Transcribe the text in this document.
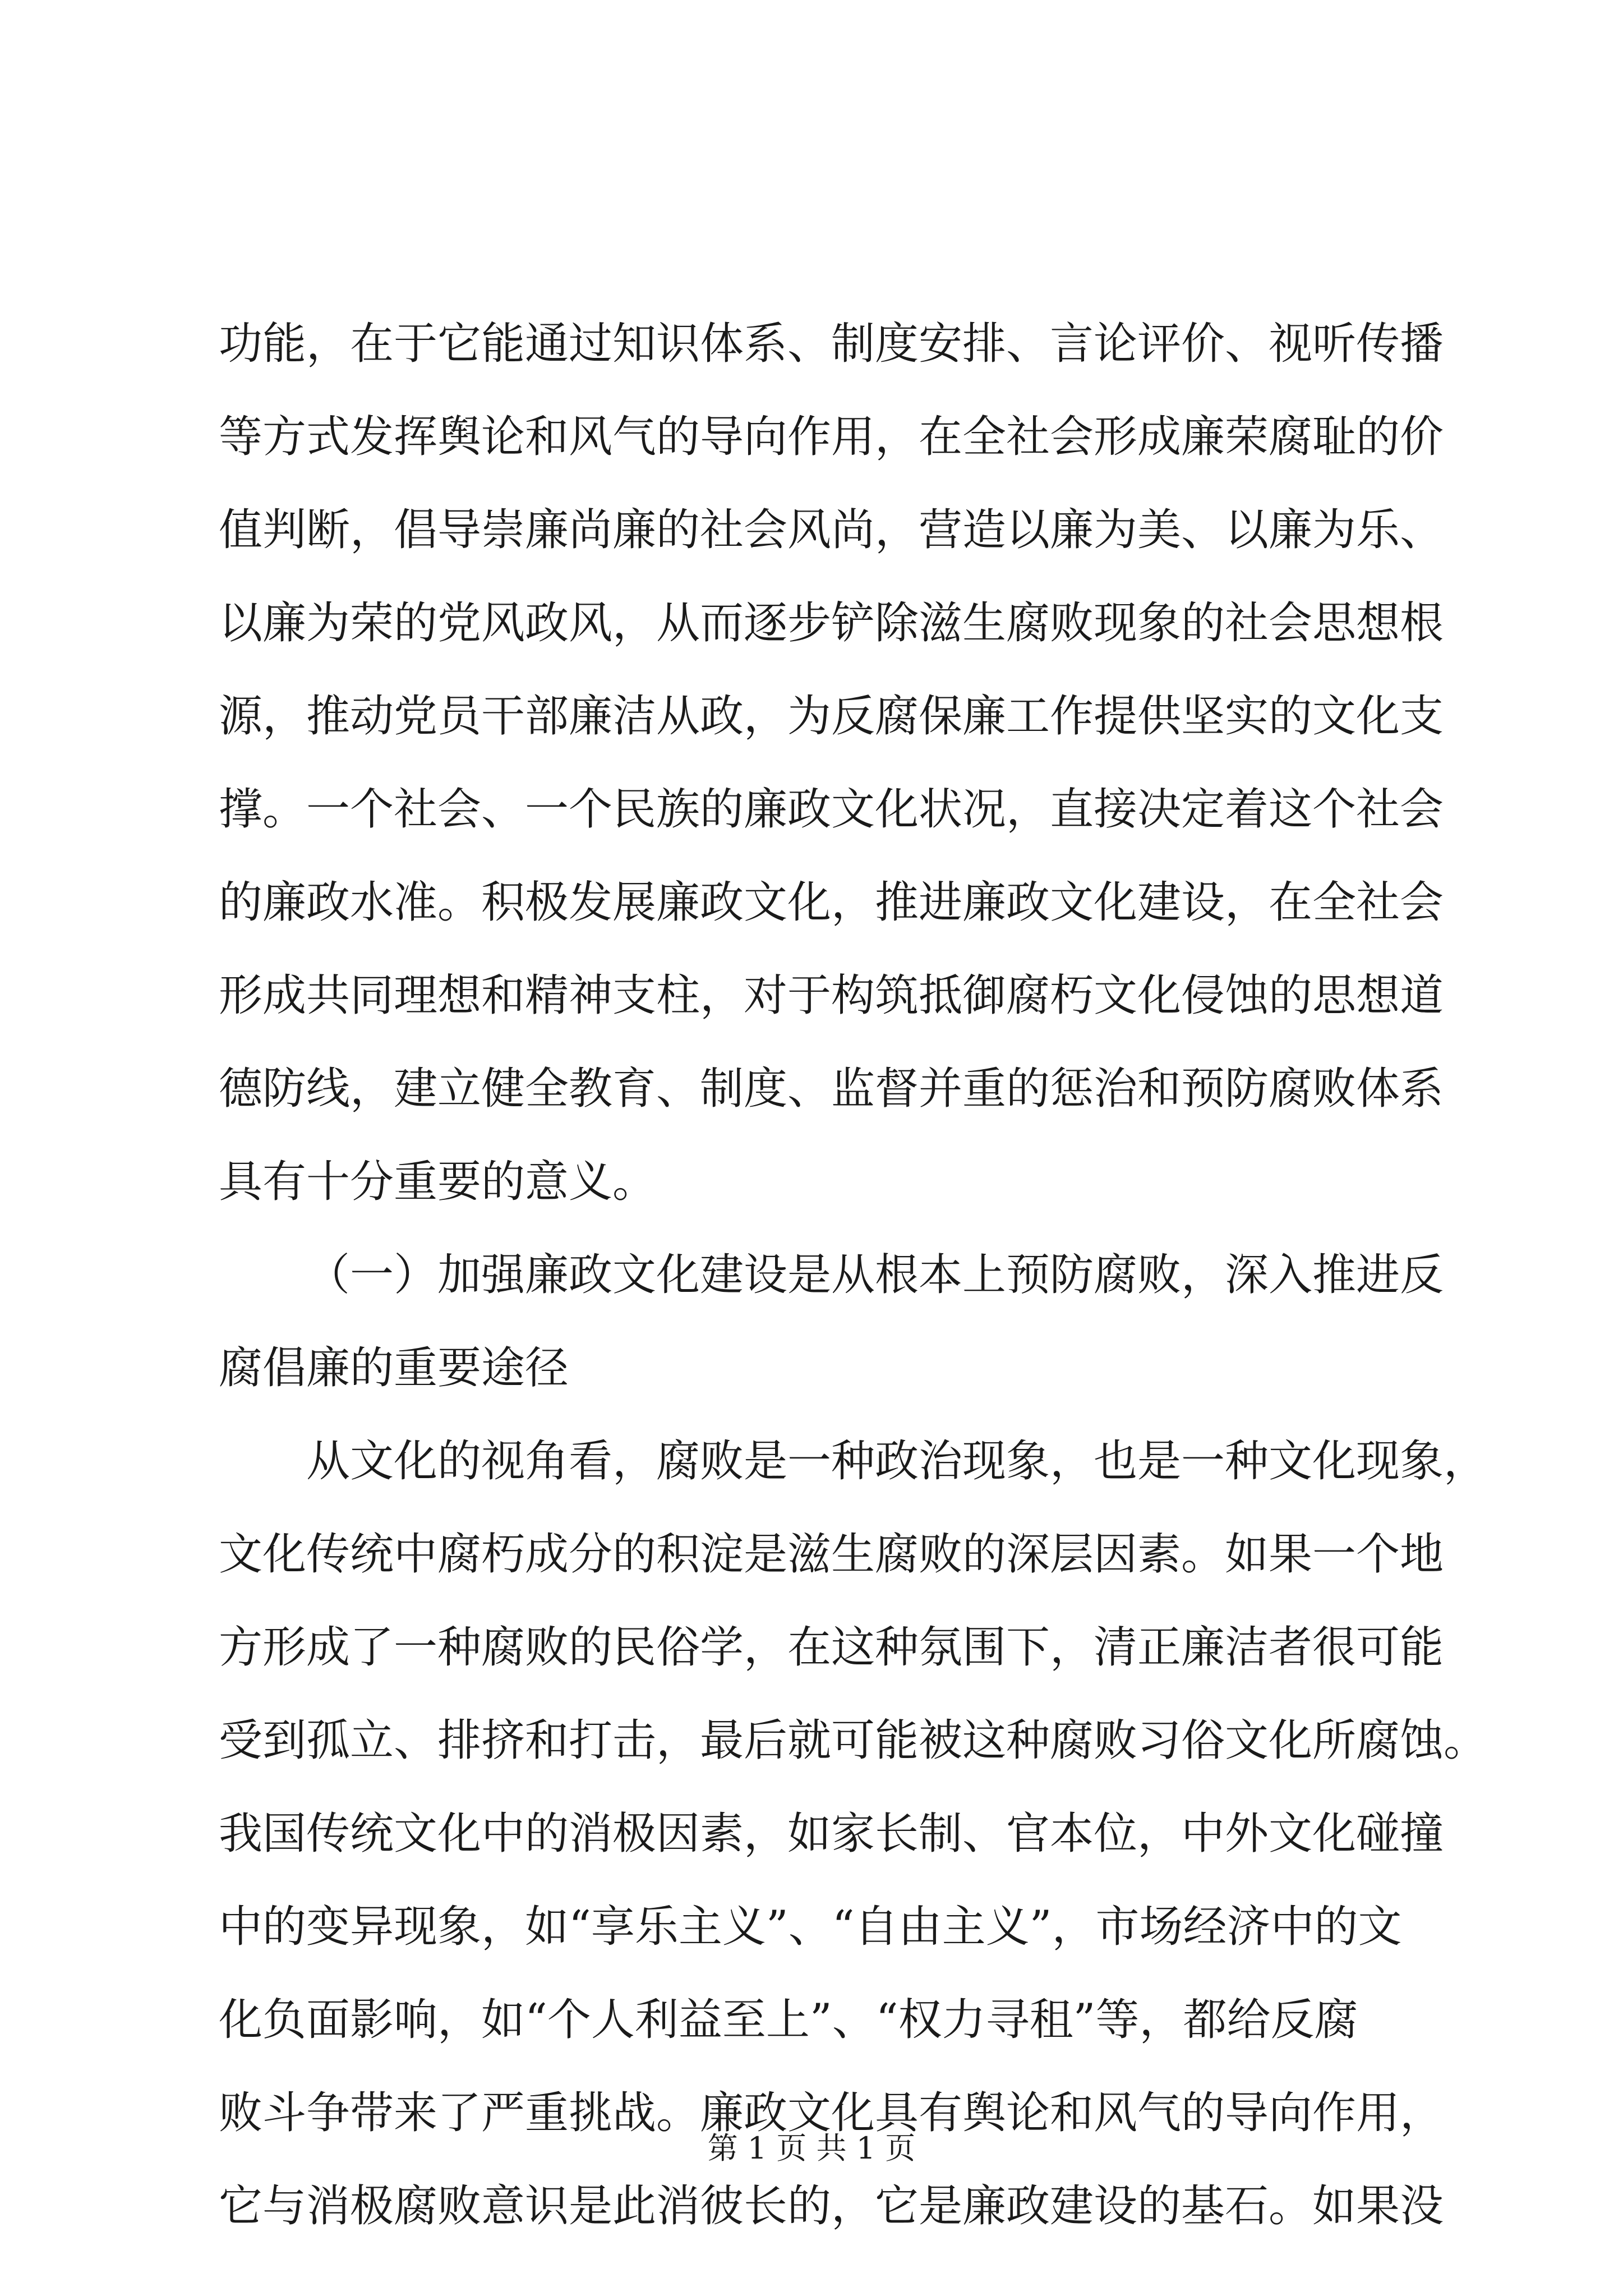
功能，在于它能通过知识体系、制度安排、言论评价、视听传播
等方式发挥舆论和风气的导向作用，在全社会形成廉荣腐耻的价
值判断，倡导崇廉尚廉的社会风尚，营造以廉为美、以廉为乐、
以廉为荣的党风政风，从而逐步铲除滋生腐败现象的社会思想根
源，推动党员干部廉洁从政，为反腐保廉工作提供坚实的文化支
撑。一个社会、一个民族的廉政文化状况，直接决定着这个社会
的廉政水准。积极发展廉政文化，推进廉政文化建设，在全社会
形成共同理想和精神支柱，对于构筑抵御腐朽文化侵蚀的思想道
德防线，建立健全教育、制度、监督并重的惩治和预防腐败体系
具有十分重要的意义。
（一）加强廉政文化建设是从根本上预防腐败，深入推进反
腐倡廉的重要途径
从文化的视角看，腐败是一种政治现象，也是一种文化现象，
文化传统中腐朽成分的积淀是滋生腐败的深层因素。如果一个地
方形成了一种腐败的民俗学，在这种氛围下，清正廉洁者很可能
受到孤立、排挤和打击，最后就可能被这种腐败习俗文化所腐蚀。
我国传统文化中的消极因素，如家长制、官本位，中外文化碰撞
中的变异现象，如“享乐主义”、“自由主义”，市场经济中的文
化负面影响，如“个人利益至上”、“权力寻租”等，都给反腐
败斗争带来了严重挑战。廉政文化具有舆论和风气的导向作用，
它与消极腐败意识是此消彼长的，它是廉政建设的基石。如果没
第 1 页 共 1 页
